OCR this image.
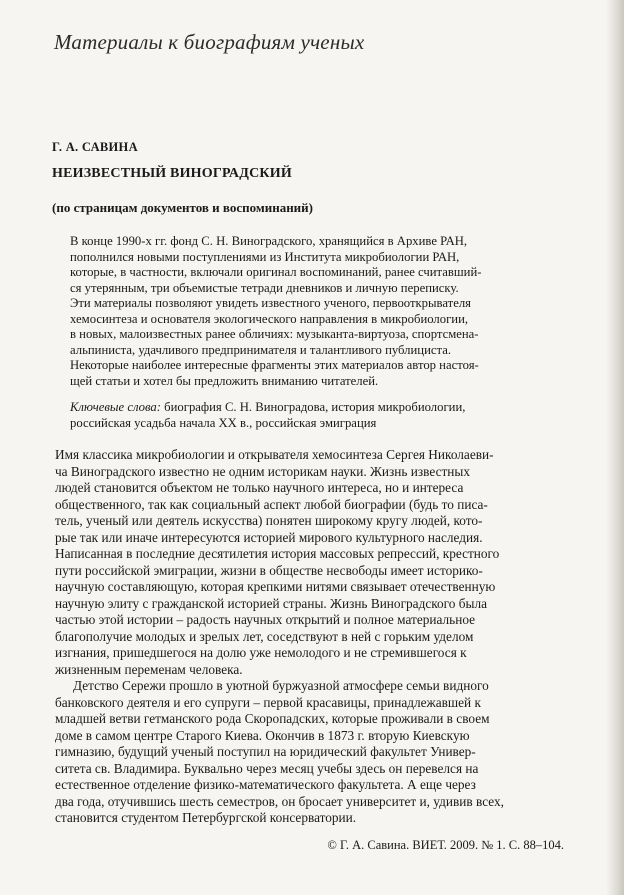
Материалы к биографиям ученых
Г. А. САВИНА
НЕИЗВЕСТНЫЙ ВИНОГРАДСКИЙ
(по страницам документов и воспоминаний)
В конце 1990-х гг. фонд С. Н. Виноградского, хранящийся в Архиве РАН,
пополнился новыми поступлениями из Института микробиологии РАН,
которые, в частности, включали оригинал воспоминаний, ранее считавший-
ся утерянным, три объемистые тетради дневников и личную переписку.
Эти материалы позволяют увидеть известного ученого, первооткрывателя
хемосинтеза и основателя экологического направления в микробиологии,
в новых, малоизвестных ранее обличиях: музыканта-виртуоза, спортсмена-
альпиниста, удачливого предпринимателя и талантливого публициста.
Некоторые наиболее интересные фрагменты этих материалов автор настоя-
щей статьи и хотел бы предложить вниманию читателей.
Ключевые слова: биография С. Н. Виноградова, история микробиологии,
российская усадьба начала XX в., российская эмиграция
Имя классика микробиологии и открывателя хемосинтеза Сергея Николаеви-
ча Виноградского известно не одним историкам науки. Жизнь известных
людей становится объектом не только научного интереса, но и интереса
общественного, так как социальный аспект любой биографии (будь то писа-
тель, ученый или деятель искусства) понятен широкому кругу людей, кото-
рые так или иначе интересуются историей мирового культурного наследия.
Написанная в последние десятилетия история массовых репрессий, крестного
пути российской эмиграции, жизни в обществе несвободы имеет историко-
научную составляющую, которая крепкими нитями связывает отечественную
научную элиту с гражданской историей страны. Жизнь Виноградского была
частью этой истории – радость научных открытий и полное материальное
благополучие молодых и зрелых лет, соседствуют в ней с горьким уделом
изгнания, пришедшегося на долю уже немолодого и не стремившегося к
жизненным переменам человека.
Детство Сережи прошло в уютной буржуазной атмосфере семьи видного
банковского деятеля и его супруги – первой красавицы, принадлежавшей к
младшей ветви гетманского рода Скоропадских, которые проживали в своем
доме в самом центре Старого Киева. Окончив в 1873 г. вторую Киевскую
гимназию, будущий ученый поступил на юридический факультет Универ-
ситета св. Владимира. Буквально через месяц учебы здесь он перевелся на
естественное отделение физико-математического факультета. А еще через
два года, отучившись шесть семестров, он бросает университет и, удивив всех,
становится студентом Петербургской консерватории.
© Г. А. Савина. ВИЕТ. 2009. № 1. С. 88–104.
